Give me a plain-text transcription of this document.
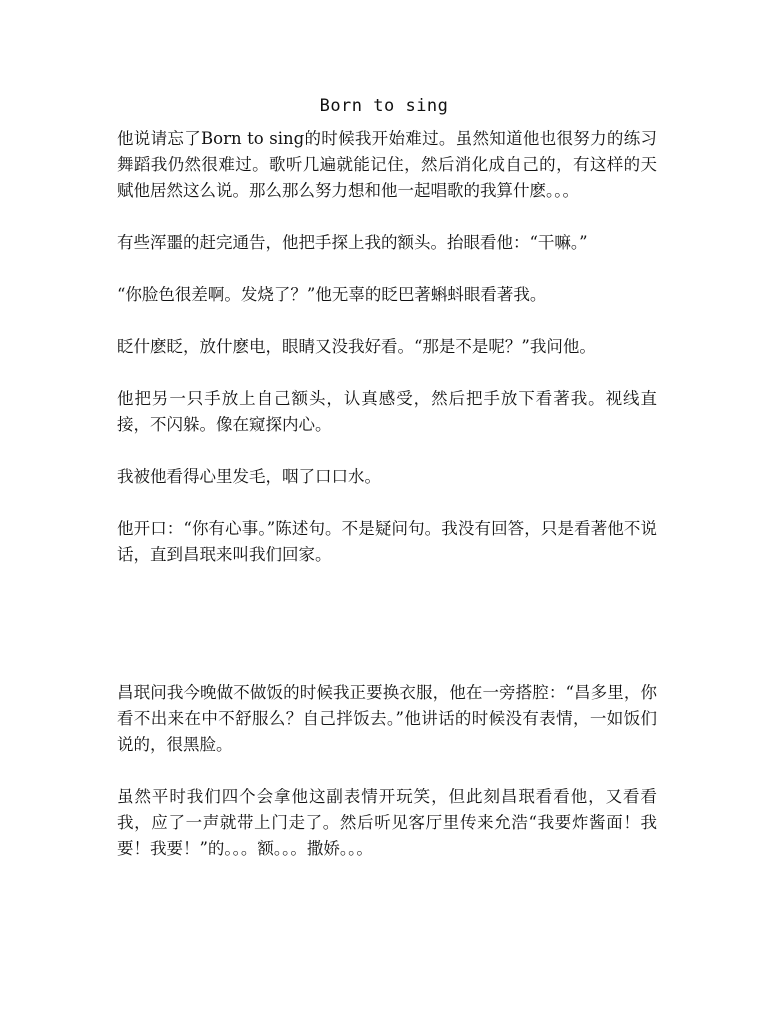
Born to sing

他说请忘了Born to sing的时候我开始难过。虽然知道他也很努力的练习舞蹈我仍然很难过。歌听几遍就能记住，然后消化成自己的，有这样的天赋他居然这么说。那么那么努力想和他一起唱歌的我算什麽。。。

有些浑噩的赶完通告，他把手探上我的额头。抬眼看他：“干嘛。”

“你脸色很差啊。发烧了？”他无辜的眨巴著蝌蚪眼看著我。

眨什麽眨，放什麽电，眼睛又没我好看。“那是不是呢？”我问他。

他把另一只手放上自己额头，认真感受，然后把手放下看著我。视线直接，不闪躲。像在窥探内心。

我被他看得心里发毛，咽了口口水。

他开口：“你有心事。”陈述句。不是疑问句。我没有回答，只是看著他不说话，直到昌珉来叫我们回家。

昌珉问我今晚做不做饭的时候我正要换衣服，他在一旁搭腔：“昌多里，你看不出来在中不舒服么？自己拌饭去。”他讲话的时候没有表情，一如饭们说的，很黑脸。

虽然平时我们四个会拿他这副表情开玩笑，但此刻昌珉看看他，又看看我，应了一声就带上门走了。然后听见客厅里传来允浩“我要炸酱面！我要！我要！”的。。。额。。。撒娇。。。
